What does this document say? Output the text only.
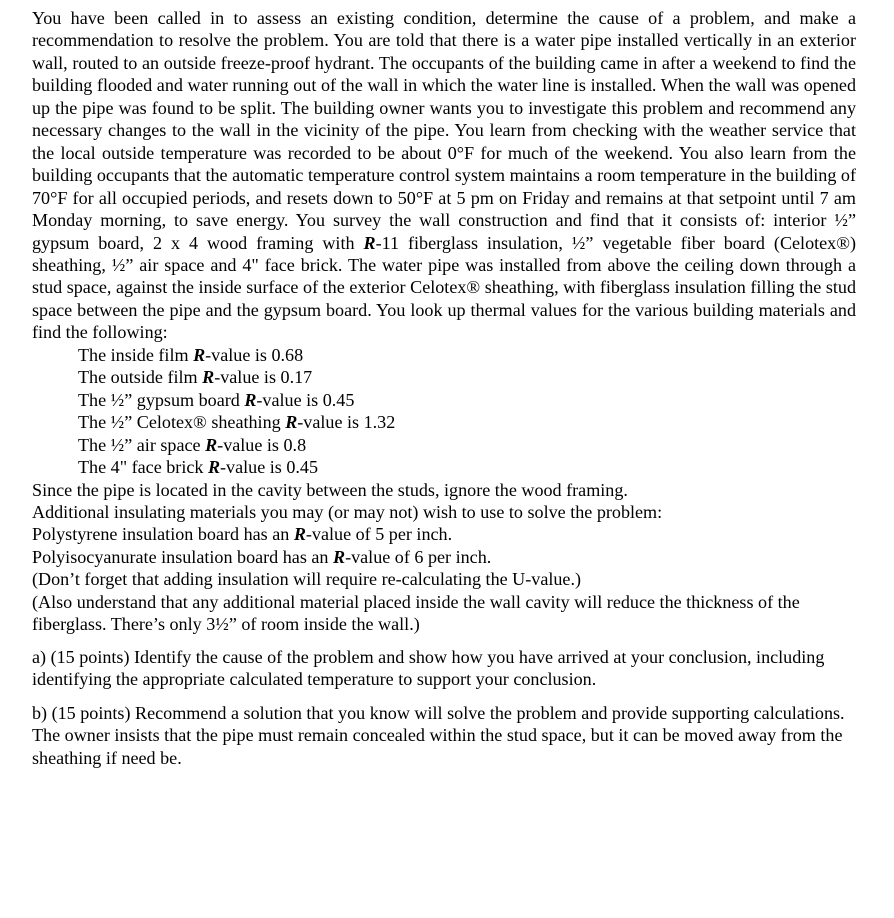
You have been called in to assess an existing condition, determine the cause of a problem, and make a recommendation to resolve the problem. You are told that there is a water pipe installed vertically in an exterior wall, routed to an outside freeze-proof hydrant. The occupants of the building came in after a weekend to find the building flooded and water running out of the wall in which the water line is installed. When the wall was opened up the pipe was found to be split. The building owner wants you to investigate this problem and recommend any necessary changes to the wall in the vicinity of the pipe. You learn from checking with the weather service that the local outside temperature was recorded to be about 0°F for much of the weekend. You also learn from the building occupants that the automatic temperature control system maintains a room temperature in the building of 70°F for all occupied periods, and resets down to 50°F at 5 pm on Friday and remains at that setpoint until 7 am Monday morning, to save energy. You survey the wall construction and find that it consists of: interior ½” gypsum board, 2 x 4 wood framing with R-11 fiberglass insulation, ½” vegetable fiber board (Celotex®) sheathing, ½” air space and 4" face brick. The water pipe was installed from above the ceiling down through a stud space, against the inside surface of the exterior Celotex® sheathing, with fiberglass insulation filling the stud space between the pipe and the gypsum board. You look up thermal values for the various building materials and find the following:

The inside film R-value is 0.68
The outside film R-value is 0.17
The ½” gypsum board R-value is 0.45
The ½” Celotex® sheathing R-value is 1.32
The ½” air space R-value is 0.8
The 4" face brick R-value is 0.45

Since the pipe is located in the cavity between the studs, ignore the wood framing.

Additional insulating materials you may (or may not) wish to use to solve the problem:

Polystyrene insulation board has an R-value of 5 per inch.

Polyisocyanurate insulation board has an R-value of 6 per inch.

(Don’t forget that adding insulation will require re-calculating the U-value.)

(Also understand that any additional material placed inside the wall cavity will reduce the thickness of the fiberglass. There’s only 3½” of room inside the wall.)

a) (15 points) Identify the cause of the problem and show how you have arrived at your conclusion, including identifying the appropriate calculated temperature to support your conclusion.

b) (15 points) Recommend a solution that you know will solve the problem and provide supporting calculations. The owner insists that the pipe must remain concealed within the stud space, but it can be moved away from the sheathing if need be.
